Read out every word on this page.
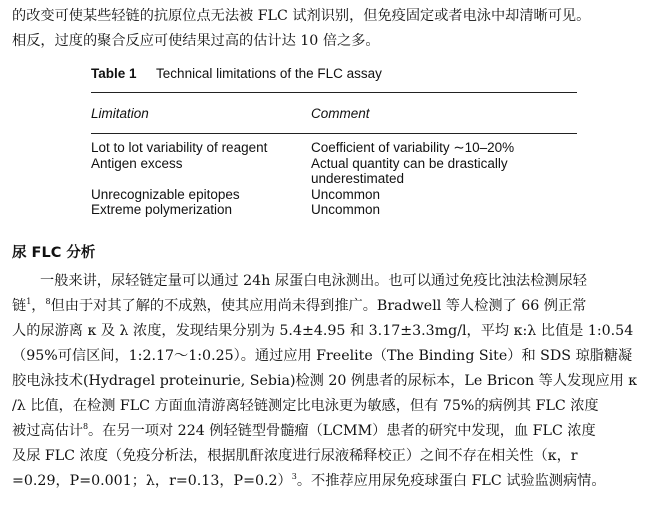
的改变可使某些轻链的抗原位点无法被 FLC 试剂识别，但免疫固定或者电泳中却清晰可见。
相反，过度的聚合反应可使结果过高的估计达 10 倍之多。
Table 1 Technical limitations of the FLC assay
Limitation	Comment
Lot to lot variability of reagent	Coefficient of variability ∼10–20%
Antigen excess	Actual quantity can be drastically
underestimated
Unrecognizable epitopes	Uncommon
Extreme polymerization	Uncommon
尿 FLC 分析
一般来讲，尿轻链定量可以通过 24h 尿蛋白电泳测出。也可以通过免疫比浊法检测尿轻
链$^1$，$^8$但由于对其了解的不成熟，使其应用尚未得到推广。Bradwell 等人检测了 66 例正常
人的尿游离 κ 及 λ 浓度，发现结果分别为 5.4±4.95 和 3.17±3.3mg/l，平均 κ:λ 比值是 1:0.54
（95%可信区间，1:2.17～1:0.25）。通过应用 Freelite（The Binding Site）和 SDS 琼脂糖凝
胶电泳技术(Hydragel proteinurie, Sebia)检测 20 例患者的尿标本，Le Bricon 等人发现应用 κ
/λ 比值，在检测 FLC 方面血清游离轻链测定比电泳更为敏感，但有 75%的病例其 FLC 浓度
被过高估计$^8$。在另一项对 224 例轻链型骨髓瘤（LCMM）患者的研究中发现，血 FLC 浓度
及尿 FLC 浓度（免疫分析法，根据肌酐浓度进行尿液稀释校正）之间不存在相关性（κ，r
=0.29，P=0.001；λ，r=0.13，P=0.2）$^3$。不推荐应用尿免疫球蛋白 FLC 试验监测病情。
